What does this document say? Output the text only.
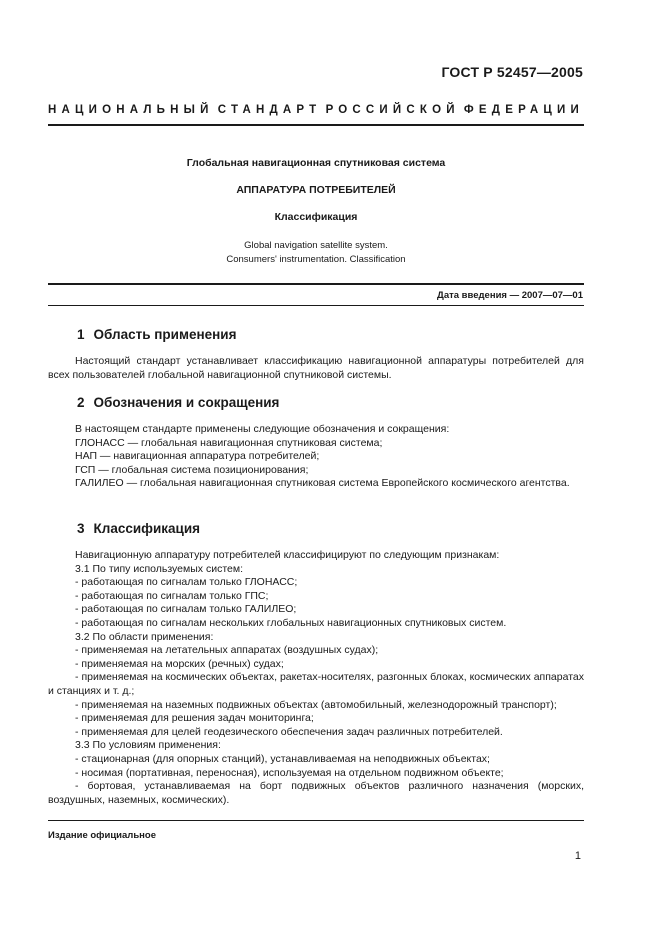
ГОСТ Р 52457—2005
НАЦИОНАЛЬНЫЙ СТАНДАРТ РОССИЙСКОЙ ФЕДЕРАЦИИ
Глобальная навигационная спутниковая система
АППАРАТУРА ПОТРЕБИТЕЛЕЙ
Классификация
Global navigation satellite system.
Consumers' instrumentation. Classification
Дата введения — 2007—07—01
1 Область применения

Настоящий стандарт устанавливает классификацию навигационной аппаратуры потребителей для всех пользователей глобальной навигационной спутниковой системы.

2 Обозначения и сокращения

В настоящем стандарте применены следующие обозначения и сокращения:

ГЛОНАСС — глобальная навигационная спутниковая система;

НАП — навигационная аппаратура потребителей;

ГСП — глобальная система позиционирования;

ГАЛИЛЕО — глобальная навигационная спутниковая система Европейского космического агентства.

3 Классификация

Навигационную аппаратуру потребителей классифицируют по следующим признакам:

3.1 По типу используемых систем:

- работающая по сигналам только ГЛОНАСС;

- работающая по сигналам только ГПС;

- работающая по сигналам только ГАЛИЛЕО;

- работающая по сигналам нескольких глобальных навигационных спутниковых систем.

3.2 По области применения:

- применяемая на летательных аппаратах (воздушных судах);

- применяемая на морских (речных) судах;

- применяемая на космических объектах, ракетах-носителях, разгонных блоках, космических аппаратах и станциях и т. д.;

- применяемая на наземных подвижных объектах (автомобильный, железнодорожный транспорт);

- применяемая для решения задач мониторинга;

- применяемая для целей геодезического обеспечения задач различных потребителей.

3.3 По условиям применения:

- стационарная (для опорных станций), устанавливаемая на неподвижных объектах;

- носимая (портативная, переносная), используемая на отдельном подвижном объекте;

- бортовая, устанавливаемая на борт подвижных объектов различного назначения (морских, воздушных, наземных, космических).

Издание официальное
1
